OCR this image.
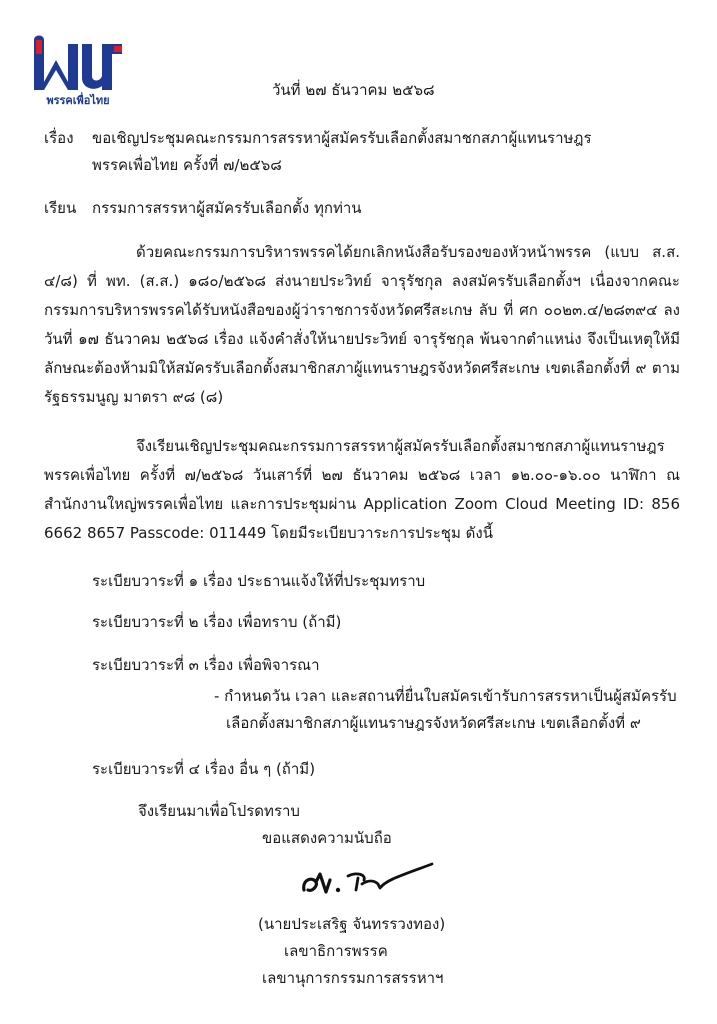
พรรคเพื่อไทย
วันที่ ๒๗ ธันวาคม ๒๕๖๘
เรื่อง ขอเชิญประชุมคณะกรรมการสรรหาผู้สมัครรับเลือกตั้งสมาชกสภาผู้แทนราษฎร
พรรคเพื่อไทย ครั้งที่ ๗/๒๕๖๘
เรียน กรรมการสรรหาผู้สมัครรับเลือกตั้ง ทุกท่าน
ด้วยคณะกรรมการบริหารพรรคได้ยกเลิกหนังสือรับรองของหัวหน้าพรรค (แบบ ส.ส. ๔/๘) ที่ พท. (ส.ส.) ๑๘๐/๒๕๖๘ ส่งนายประวิทย์ จารุรัชกุล ลงสมัครรับเลือกตั้งฯ เนื่องจากคณะกรรมการบริหารพรรคได้รับหนังสือของผู้ว่าราชการจังหวัดศรีสะเกษ ลับ ที่ ศก ๐๐๒๓.๔/๒๘๓๙๔ ลงวันที่ ๑๗ ธันวาคม ๒๕๖๘ เรื่อง แจ้งคำสั่งให้นายประวิทย์ จารุรัชกุล พ้นจากตำแหน่ง จึงเป็นเหตุให้มีลักษณะต้องห้ามมิให้สมัครรับเลือกตั้งสมาชิกสภาผู้แทนราษฎรจังหวัดศรีสะเกษ เขตเลือกตั้งที่ ๙ ตามรัฐธรรมนูญ มาตรา ๙๘ (๘)
จึงเรียนเชิญประชุมคณะกรรมการสรรหาผู้สมัครรับเลือกตั้งสมาชกสภาผู้แทนราษฎร พรรคเพื่อไทย ครั้งที่ ๗/๒๕๖๘ วันเสาร์ที่ ๒๗ ธันวาคม ๒๕๖๘ เวลา ๑๒.๐๐-๑๖.๐๐ นาฬิกา ณ สำนักงานใหญ่พรรคเพื่อไทย และการประชุมผ่าน Application Zoom Cloud Meeting ID: 856 6662 8657 Passcode: 011449 โดยมีระเบียบวาระการประชุม ดังนี้
ระเบียบวาระที่ ๑ เรื่อง ประธานแจ้งให้ที่ประชุมทราบ
ระเบียบวาระที่ ๒ เรื่อง เพื่อทราบ (ถ้ามี)
ระเบียบวาระที่ ๓ เรื่อง เพื่อพิจารณา
- กำหนดวัน เวลา และสถานที่ยื่นใบสมัครเข้ารับการสรรหาเป็นผู้สมัครรับ
เลือกตั้งสมาชิกสภาผู้แทนราษฎรจังหวัดศรีสะเกษ เขตเลือกตั้งที่ ๙
ระเบียบวาระที่ ๔ เรื่อง อื่น ๆ (ถ้ามี)
จึงเรียนมาเพื่อโปรดทราบ
ขอแสดงความนับถือ
(นายประเสริฐ จันทรรวงทอง)
เลขาธิการพรรค
เลขานุการกรรมการสรรหาฯ
